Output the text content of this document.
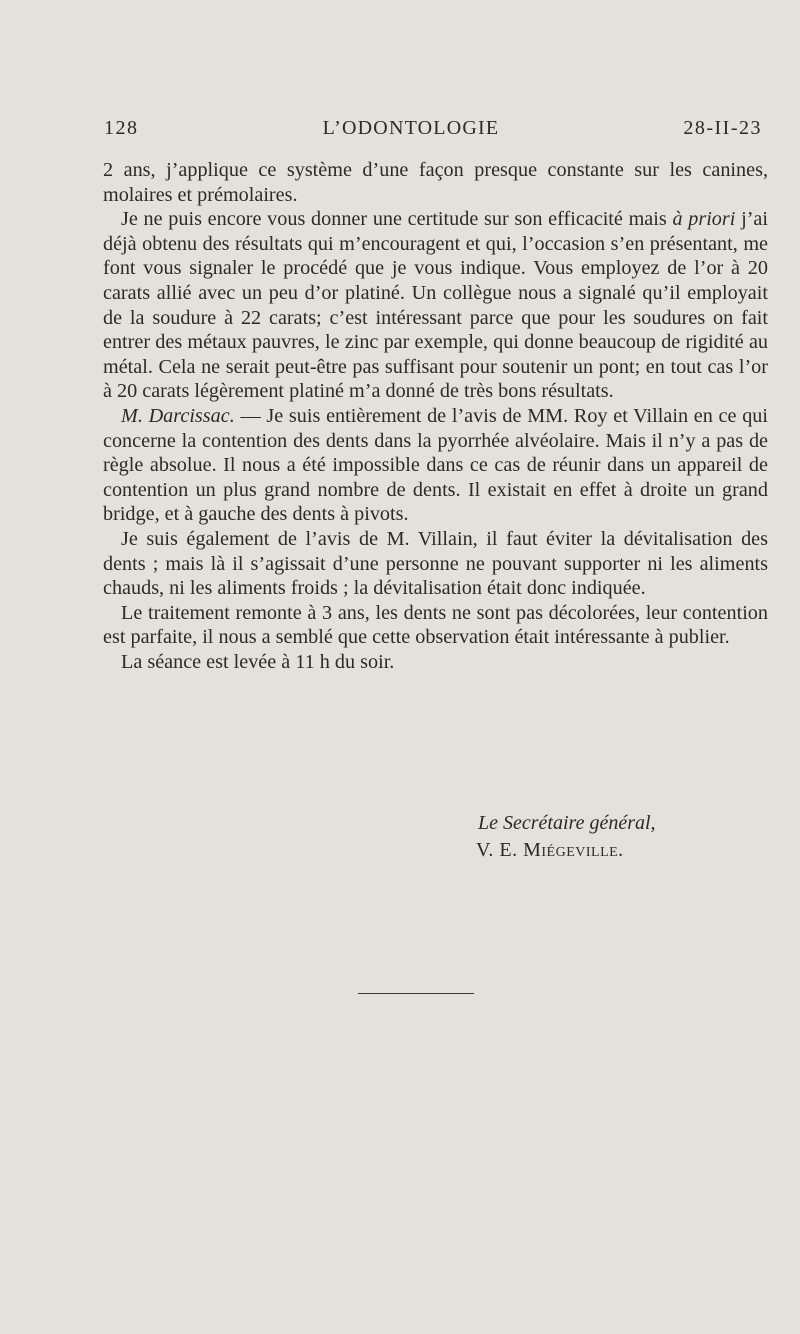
128	L’ODONTOLOGIE	28-II-23

2 ans, j’applique ce système d’une façon presque constante sur les canines, molaires et prémolaires.

Je ne puis encore vous donner une certitude sur son efficacité mais à priori j’ai déjà obtenu des résultats qui m’encouragent et qui, l’occasion s’en présentant, me font vous signaler le procédé que je vous indique. Vous employez de l’or à 20 carats allié avec un peu d’or platiné. Un collègue nous a signalé qu’il employait de la soudure à 22 carats; c’est intéressant parce que pour les soudures on fait entrer des métaux pauvres, le zinc par exemple, qui donne beaucoup de rigidité au métal. Cela ne serait peut-être pas suffisant pour soutenir un pont; en tout cas l’or à 20 carats légèrement platiné m’a donné de très bons résultats.

M. Darcissac. — Je suis entièrement de l’avis de MM. Roy et Villain en ce qui concerne la contention des dents dans la pyorrhée alvéolaire. Mais il n’y a pas de règle absolue. Il nous a été impossible dans ce cas de réunir dans un appareil de contention un plus grand nombre de dents. Il existait en effet à droite un grand bridge, et à gauche des dents à pivots.

Je suis également de l’avis de M. Villain, il faut éviter la dévitalisation des dents ; mais là il s’agissait d’une personne ne pouvant supporter ni les aliments chauds, ni les aliments froids ; la dévitalisation était donc indiquée.

Le traitement remonte à 3 ans, les dents ne sont pas décolorées, leur contention est parfaite, il nous a semblé que cette observation était intéressante à publier.

La séance est levée à 11 h du soir.

Le Secrétaire général,
V. E. Miégeville.
